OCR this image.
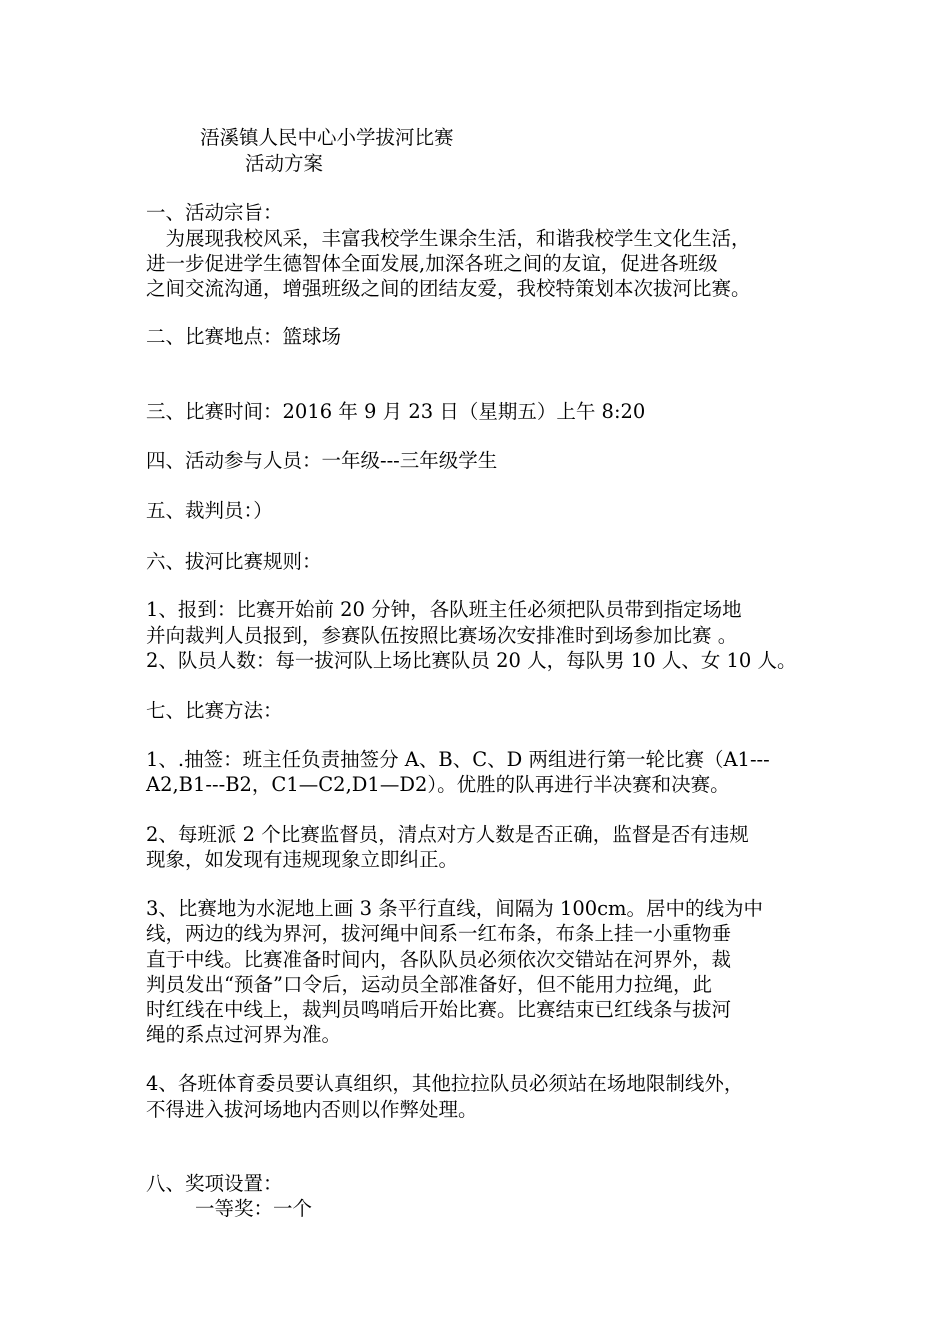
浯溪镇人民中心小学拔河比赛
活动方案
一、活动宗旨：
　为展现我校风采，丰富我校学生课余生活，和谐我校学生文化生活，
进一步促进学生德智体全面发展,加深各班之间的友谊，促进各班级
之间交流沟通，增强班级之间的团结友爱，我校特策划本次拔河比赛。
二、比赛地点：篮球场
三、比赛时间：2016 年 9 月 23 日（星期五）上午 8:20
四、活动参与人员：一年级---三年级学生
五、裁判员：）
六、拔河比赛规则：
1、报到：比赛开始前 20 分钟，各队班主任必须把队员带到指定场地
并向裁判人员报到，参赛队伍按照比赛场次安排准时到场参加比赛 。
2、队员人数：每一拔河队上场比赛队员 20 人，每队男 10 人、女 10 人。
七、比赛方法：
1、.抽签：班主任负责抽签分 A、B、C、D 两组进行第一轮比赛（A1---
A2,B1---B2，C1—C2,D1—D2）。优胜的队再进行半决赛和决赛。
2、每班派 2 个比赛监督员，清点对方人数是否正确，监督是否有违规
现象，如发现有违规现象立即纠正。
3、比赛地为水泥地上画 3 条平行直线，间隔为 100cm。居中的线为中
线，两边的线为界河，拔河绳中间系一红布条，布条上挂一小重物垂
直于中线。比赛准备时间内，各队队员必须依次交错站在河界外，裁
判员发出“预备”口令后，运动员全部准备好，但不能用力拉绳，此
时红线在中线上，裁判员鸣哨后开始比赛。比赛结束已红线条与拔河
绳的系点过河界为准。
4、各班体育委员要认真组织，其他拉拉队员必须站在场地限制线外，
不得进入拔河场地内否则以作弊处理。
八、奖项设置：
一等奖：一个
